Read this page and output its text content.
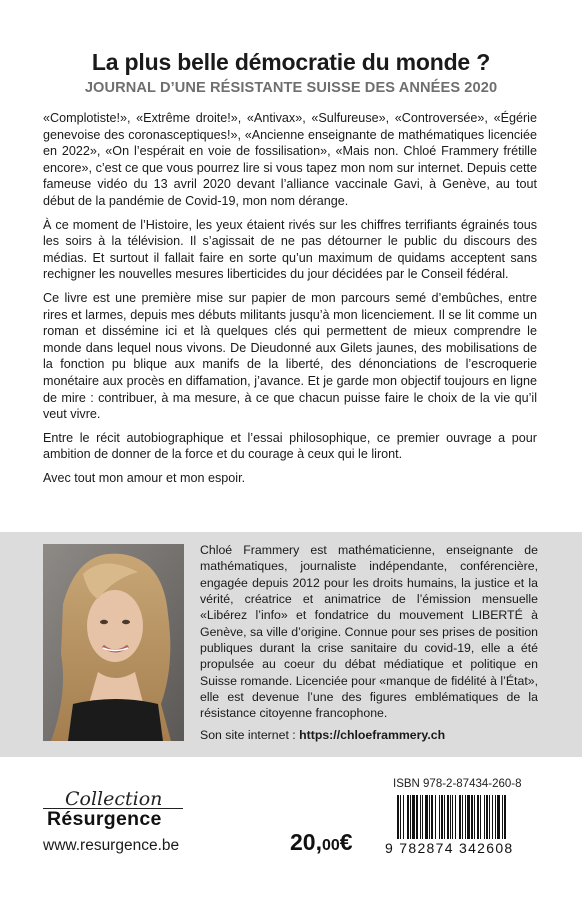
La plus belle démocratie du monde ?
JOURNAL D’UNE RÉSISTANTE SUISSE DES ANNÉES 2020

«Complotiste!», «Extrême droite!», «Antivax», «Sulfureuse», «Controversée», «Égérie genevoise des coronasceptiques!», «Ancienne enseignante de mathématiques licenciée en 2022», «On l’espérait en voie de fossilisation», «Mais non. Chloé Frammery frétille encore», c’est ce que vous pourrez lire si vous tapez mon nom sur internet. Depuis cette fameuse vidéo du 13 avril 2020 devant l’alliance vaccinale Gavi, à Genève, au tout début de la pandémie de Covid-19, mon nom dérange.

À ce moment de l’Histoire, les yeux étaient rivés sur les chiffres terrifiants égrainés tous les soirs à la télévision. Il s’agissait de ne pas détourner le public du discours des médias. Et surtout il fallait faire en sorte qu’un maximum de quidams acceptent sans rechigner les nouvelles mesures liberticides du jour décidées par le Conseil fédéral.

Ce livre est une première mise sur papier de mon parcours semé d’embûches, entre rires et larmes, depuis mes débuts militants jusqu’à mon licenciement. Il se lit comme un roman et dissémine ici et là quelques clés qui permettent de mieux comprendre le monde dans lequel nous vivons. De Dieudonné aux Gilets jaunes, des mobilisations de la fonction pu blique aux manifs de la liberté, des dénonciations de l’escroquerie monétaire aux procès en diffamation, j’avance. Et je garde mon objectif toujours en ligne de mire : contribuer, à ma mesure, à ce que chacun puisse faire le choix de la vie qu’il veut vivre.

Entre le récit autobiographique et l’essai philosophique, ce premier ouvrage a pour ambition de donner de la force et du courage à ceux qui le liront.

Avec tout mon amour et mon espoir.

Chloé Frammery est mathématicienne, enseignante de mathématiques, journaliste indépendante, conférencière, engagée depuis 2012 pour les droits humains, la justice et la vérité, créatrice et animatrice de l’émission mensuelle «Libérez l’info» et fondatrice du mouvement LIBERTÉ à Genève, sa ville d’origine. Connue pour ses prises de position publiques durant la crise sanitaire du covid-19, elle a été propulsée au coeur du débat médiatique et politique en Suisse romande. Licenciée pour «manque de fidélité à l’État», elle est devenue l’une des figures emblématiques de la résistance citoyenne francophone.

Son site internet : https://chloeframmery.ch
Collection
Résurgence
www.resurgence.be	20,00€
ISBN 978-2-87434-260-8
9 782874 342608
